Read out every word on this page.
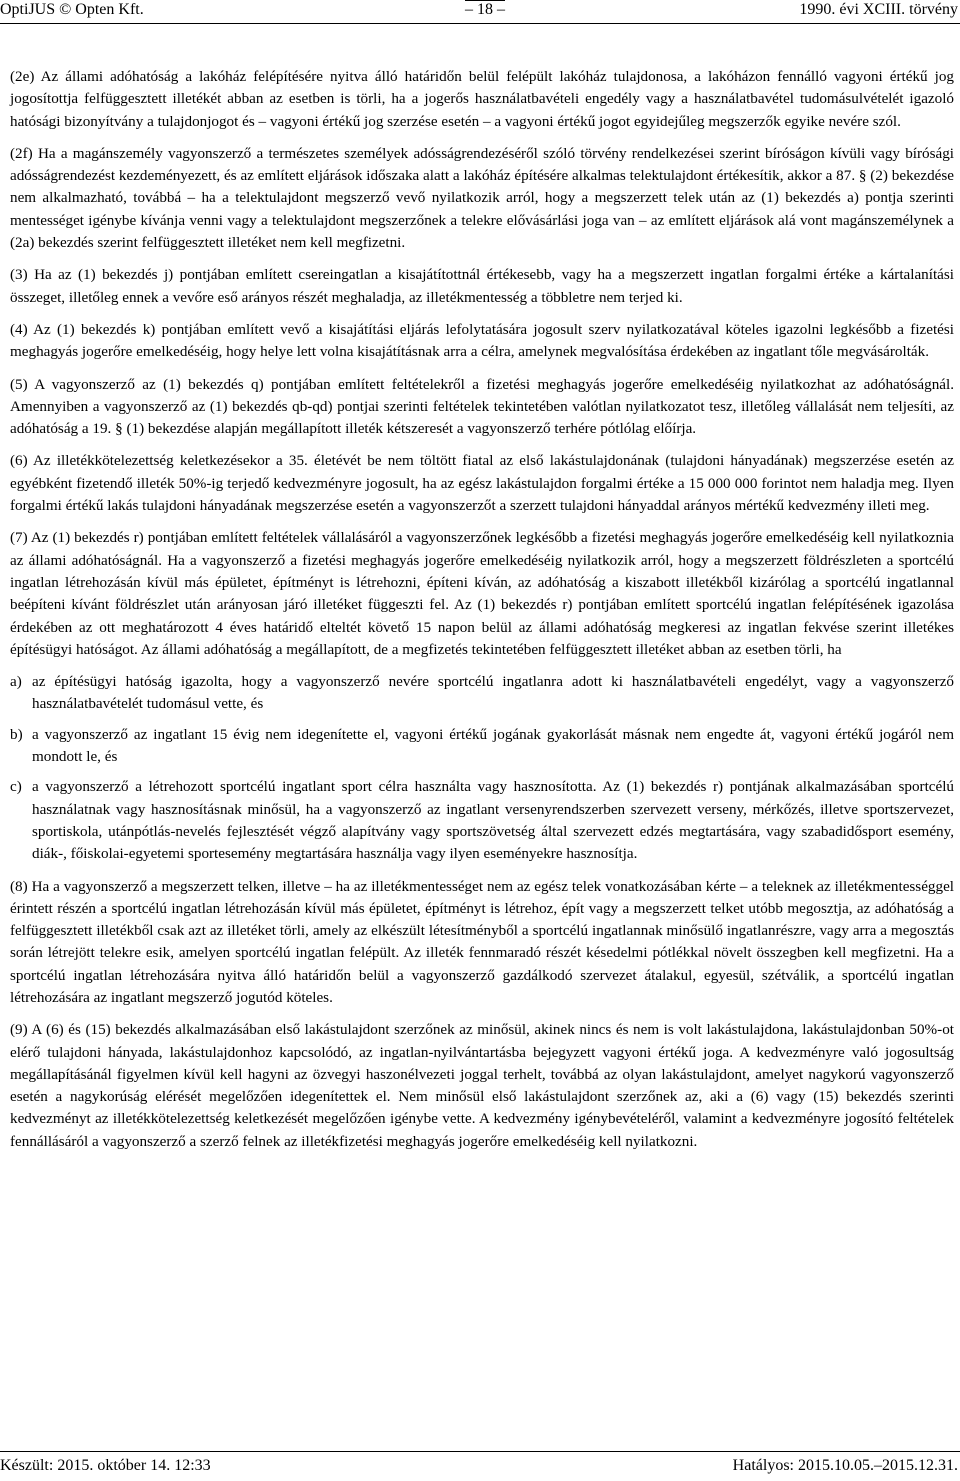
OptiJUS © Opten Kft.	– 18 –	1990. évi XCIII. törvény

(2e) Az állami adóhatóság a lakóház felépítésére nyitva álló határidőn belül felépült lakóház tulajdonosa, a lakóházon fennálló vagyoni értékű jog jogosítottja felfüggesztett illetékét abban az esetben is törli, ha a jogerős használatbavételi engedély vagy a használatbavétel tudomásulvételét igazoló hatósági bizonyítvány a tulajdonjogot és – vagyoni értékű jog szerzése esetén – a vagyoni értékű jogot egyidejűleg megszerzők egyike nevére szól.

(2f) Ha a magánszemély vagyonszerző a természetes személyek adósságrendezéséről szóló törvény rendelkezései szerint bíróságon kívüli vagy bírósági adósságrendezést kezdeményezett, és az említett eljárások időszaka alatt a lakóház építésére alkalmas telektulajdont értékesítik, akkor a 87. § (2) bekezdése nem alkalmazható, továbbá – ha a telektulajdont megszerző vevő nyilatkozik arról, hogy a megszerzett telek után az (1) bekezdés a) pontja szerinti mentességet igénybe kívánja venni vagy a telektulajdont megszerzőnek a telekre elővásárlási joga van – az említett eljárások alá vont magánszemélynek a (2a) bekezdés szerint felfüggesztett illetéket nem kell megfizetni.

(3) Ha az (1) bekezdés j) pontjában említett csereingatlan a kisajátítottnál értékesebb, vagy ha a megszerzett ingatlan forgalmi értéke a kártalanítási összeget, illetőleg ennek a vevőre eső arányos részét meghaladja, az illetékmentesség a többletre nem terjed ki.

(4) Az (1) bekezdés k) pontjában említett vevő a kisajátítási eljárás lefolytatására jogosult szerv nyilatkozatával köteles igazolni legkésőbb a fizetési meghagyás jogerőre emelkedéséig, hogy helye lett volna kisajátításnak arra a célra, amelynek megvalósítása érdekében az ingatlant tőle megvásárolták.

(5) A vagyonszerző az (1) bekezdés q) pontjában említett feltételekről a fizetési meghagyás jogerőre emelkedéséig nyilatkozhat az adóhatóságnál. Amennyiben a vagyonszerző az (1) bekezdés qb-qd) pontjai szerinti feltételek tekintetében valótlan nyilatkozatot tesz, illetőleg vállalását nem teljesíti, az adóhatóság a 19. § (1) bekezdése alapján megállapított illeték kétszeresét a vagyonszerző terhére pótlólag előírja.

(6) Az illetékkötelezettség keletkezésekor a 35. életévét be nem töltött fiatal az első lakástulajdonának (tulajdoni hányadának) megszerzése esetén az egyébként fizetendő illeték 50%-ig terjedő kedvezményre jogosult, ha az egész lakástulajdon forgalmi értéke a 15 000 000 forintot nem haladja meg. Ilyen forgalmi értékű lakás tulajdoni hányadának megszerzése esetén a vagyonszerzőt a szerzett tulajdoni hányaddal arányos mértékű kedvezmény illeti meg.

(7) Az (1) bekezdés r) pontjában említett feltételek vállalásáról a vagyonszerzőnek legkésőbb a fizetési meghagyás jogerőre emelkedéséig kell nyilatkoznia az állami adóhatóságnál. Ha a vagyonszerző a fizetési meghagyás jogerőre emelkedéséig nyilatkozik arról, hogy a megszerzett földrészleten a sportcélú ingatlan létrehozásán kívül más épületet, építményt is létrehozni, építeni kíván, az adóhatóság a kiszabott illetékből kizárólag a sportcélú ingatlannal beépíteni kívánt földrészlet után arányosan járó illetéket függeszti fel. Az (1) bekezdés r) pontjában említett sportcélú ingatlan felépítésének igazolása érdekében az ott meghatározott 4 éves határidő elteltét követő 15 napon belül az állami adóhatóság megkeresi az ingatlan fekvése szerint illetékes építésügyi hatóságot. Az állami adóhatóság a megállapított, de a megfizetés tekintetében felfüggesztett illetéket abban az esetben törli, ha

a) az építésügyi hatóság igazolta, hogy a vagyonszerző nevére sportcélú ingatlanra adott ki használatbavételi engedélyt, vagy a vagyonszerző használatbavételét tudomásul vette, és
b) a vagyonszerző az ingatlant 15 évig nem idegenítette el, vagyoni értékű jogának gyakorlását másnak nem engedte át, vagyoni értékű jogáról nem mondott le, és
c) a vagyonszerző a létrehozott sportcélú ingatlant sport célra használta vagy hasznosította. Az (1) bekezdés r) pontjának alkalmazásában sportcélú használatnak vagy hasznosításnak minősül, ha a vagyonszerző az ingatlant versenyrendszerben szervezett verseny, mérkőzés, illetve sportszervezet, sportiskola, utánpótlás-nevelés fejlesztését végző alapítvány vagy sportszövetség által szervezett edzés megtartására, vagy szabadidősport esemény, diák-, főiskolai-egyetemi sportesemény megtartására használja vagy ilyen eseményekre hasznosítja.

(8) Ha a vagyonszerző a megszerzett telken, illetve – ha az illetékmentességet nem az egész telek vonatkozásában kérte – a teleknek az illetékmentességgel érintett részén a sportcélú ingatlan létrehozásán kívül más épületet, építményt is létrehoz, épít vagy a megszerzett telket utóbb megosztja, az adóhatóság a felfüggesztett illetékből csak azt az illetéket törli, amely az elkészült létesítményből a sportcélú ingatlannak minősülő ingatlanrészre, vagy arra a megosztás során létrejött telekre esik, amelyen sportcélú ingatlan felépült. Az illeték fennmaradó részét késedelmi pótlékkal növelt összegben kell megfizetni. Ha a sportcélú ingatlan létrehozására nyitva álló határidőn belül a vagyonszerző gazdálkodó szervezet átalakul, egyesül, szétválik, a sportcélú ingatlan létrehozására az ingatlant megszerző jogutód köteles.

(9) A (6) és (15) bekezdés alkalmazásában első lakástulajdont szerzőnek az minősül, akinek nincs és nem is volt lakástulajdona, lakástulajdonban 50%-ot elérő tulajdoni hányada, lakástulajdonhoz kapcsolódó, az ingatlan-nyilvántartásba bejegyzett vagyoni értékű joga. A kedvezményre való jogosultság megállapításánál figyelmen kívül kell hagyni az özvegyi haszonélvezeti joggal terhelt, továbbá az olyan lakástulajdont, amelyet nagykorú vagyonszerző esetén a nagykorúság elérését megelőzően idegenítettek el. Nem minősül első lakástulajdont szerzőnek az, aki a (6) vagy (15) bekezdés szerinti kedvezményt az illetékkötelezettség keletkezését megelőzően igénybe vette. A kedvezmény igénybevételéről, valamint a kedvezményre jogosító feltételek fennállásáról a vagyonszerző a szerző felnek az illetékfizetési meghagyás jogerőre emelkedéséig kell nyilatkozni.

Készült: 2015. október 14. 12:33	Hatályos: 2015.10.05.–2015.12.31.
